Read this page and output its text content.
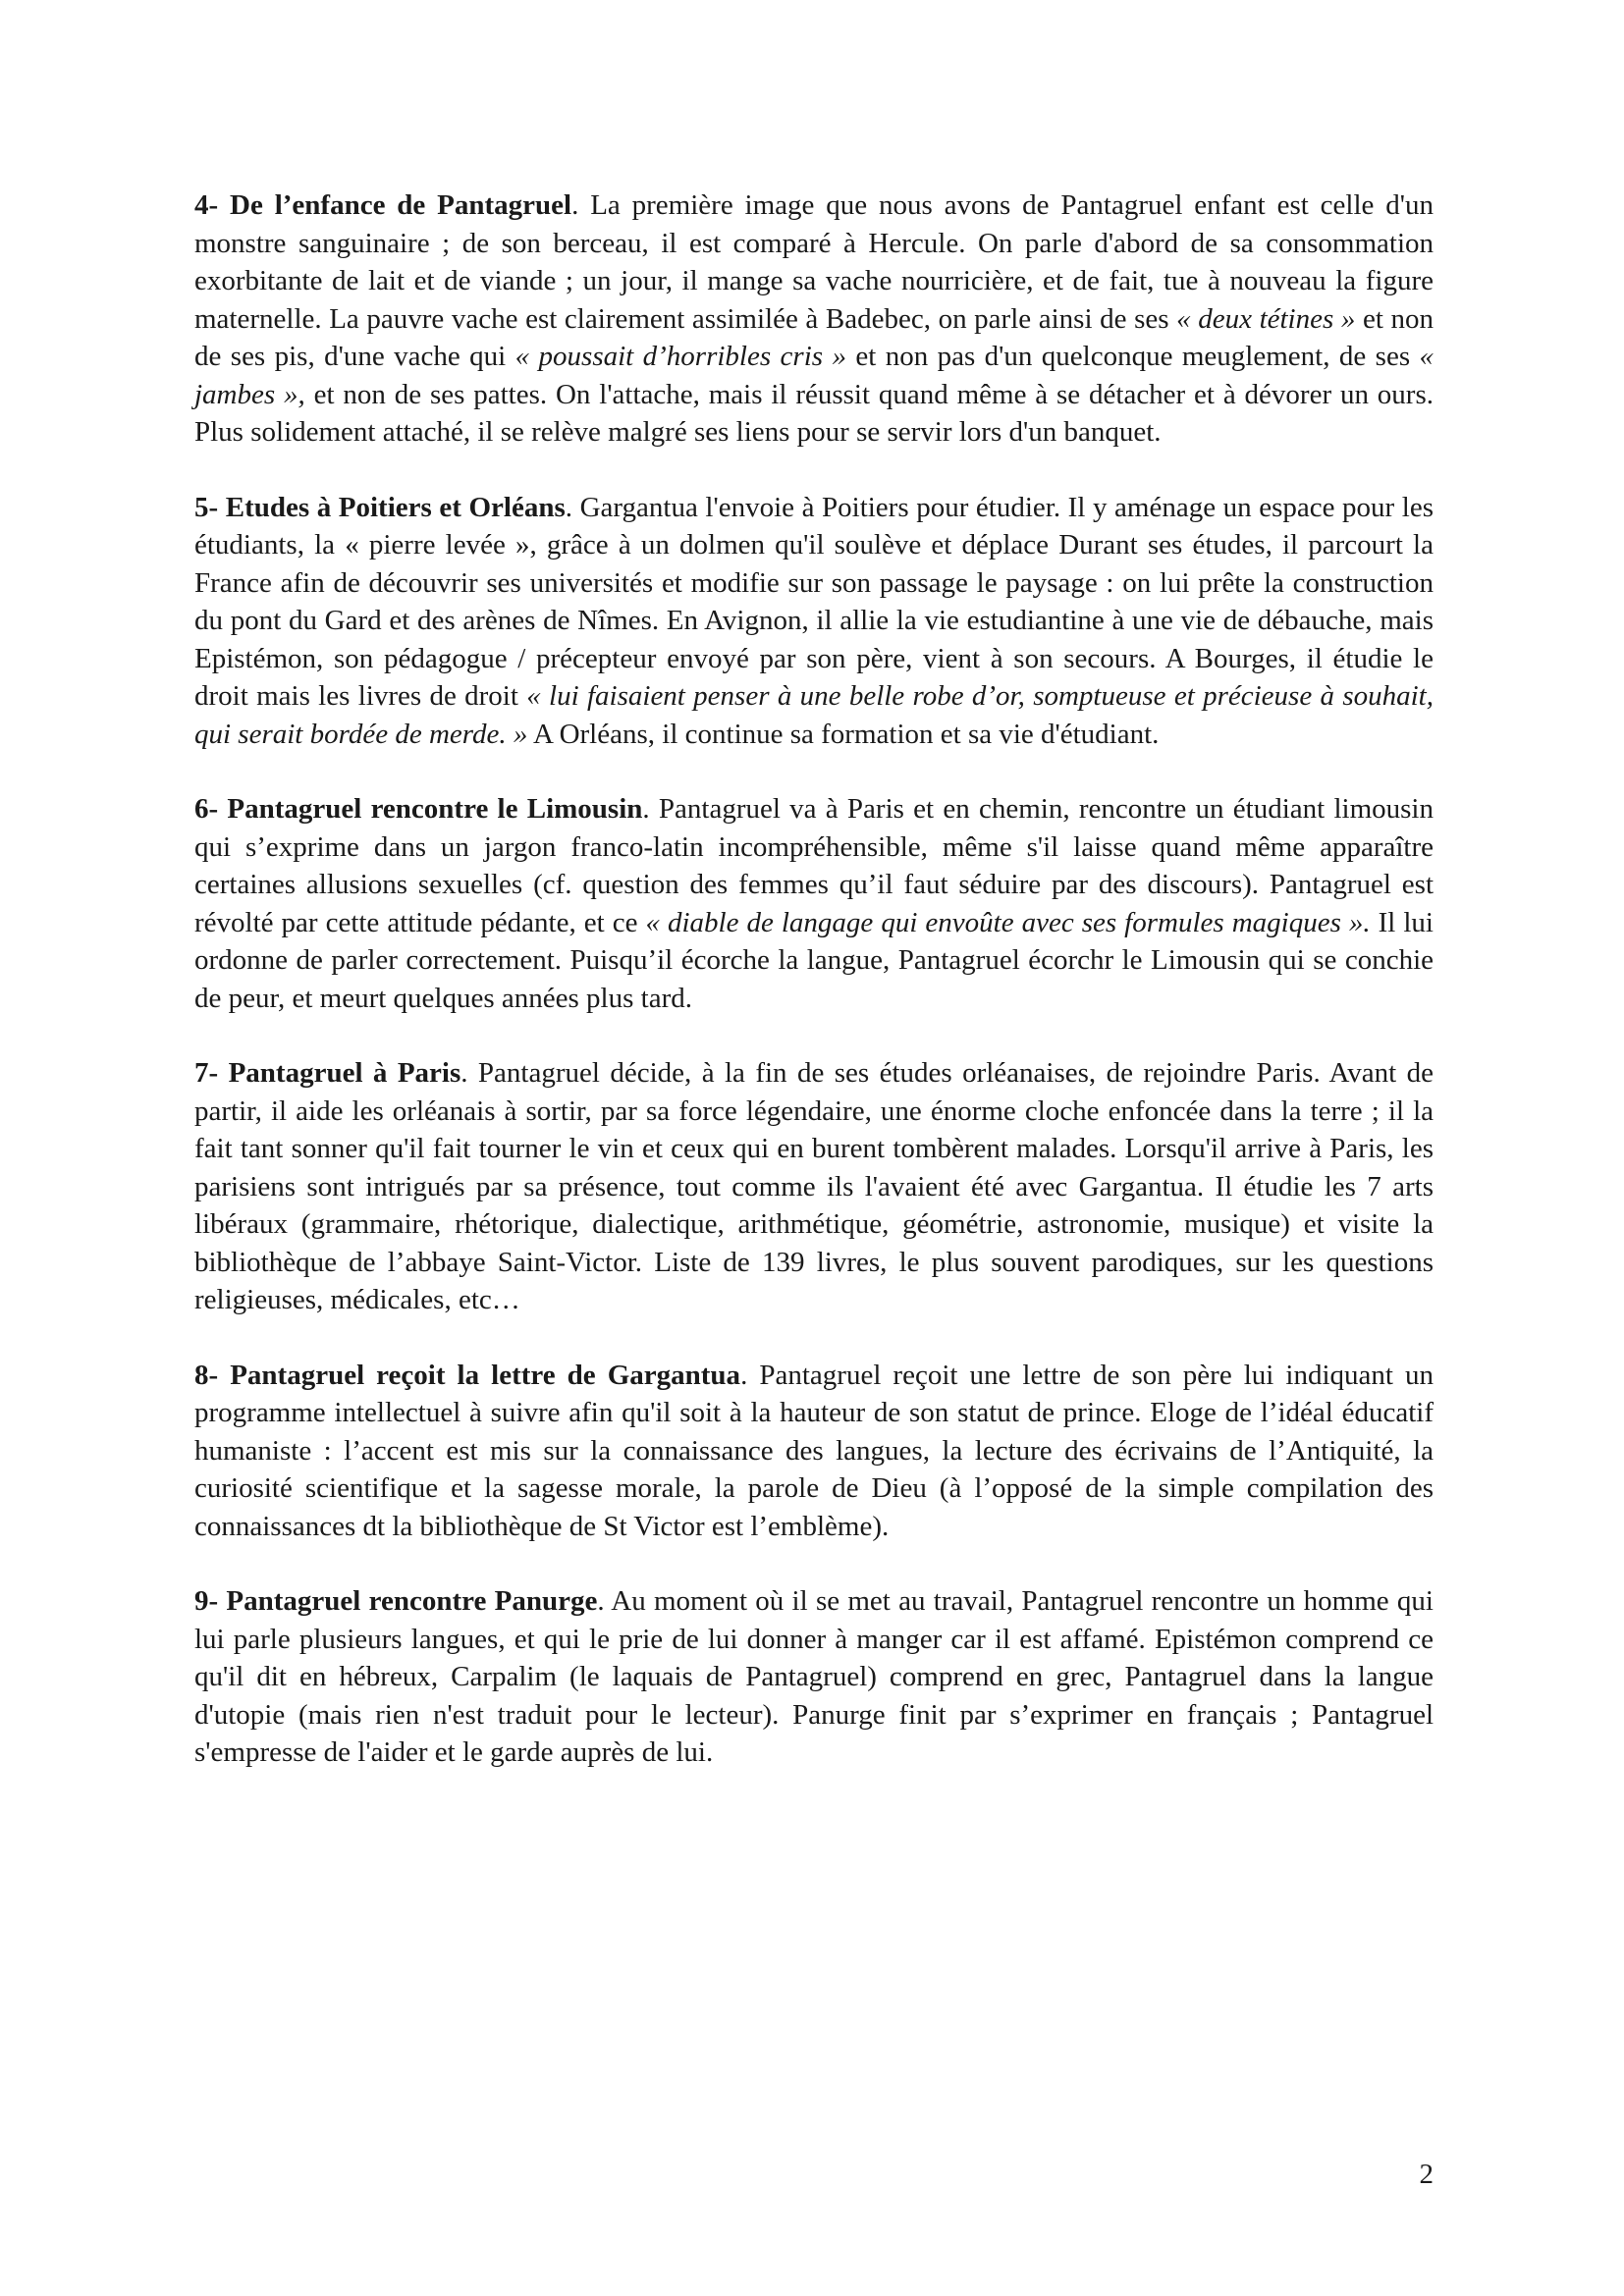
4- De l’enfance de Pantagruel. La première image que nous avons de Pantagruel enfant est celle d'un monstre sanguinaire ; de son berceau, il est comparé à Hercule. On parle d'abord de sa consommation exorbitante de lait et de viande ; un jour, il mange sa vache nourricière, et de fait, tue à nouveau la figure maternelle. La pauvre vache est clairement assimilée à Badebec, on parle ainsi de ses « deux tétines » et non de ses pis, d'une vache qui « poussait d’horribles cris » et non pas d'un quelconque meuglement, de ses « jambes », et non de ses pattes. On l'attache, mais il réussit quand même à se détacher et à dévorer un ours. Plus solidement attaché, il se relève malgré ses liens pour se servir lors d'un banquet.

5- Etudes à Poitiers et Orléans. Gargantua l'envoie à Poitiers pour étudier. Il y aménage un espace pour les étudiants, la « pierre levée », grâce à un dolmen qu'il soulève et déplace Durant ses études, il parcourt la France afin de découvrir ses universités et modifie sur son passage le paysage : on lui prête la construction du pont du Gard et des arènes de Nîmes. En Avignon, il allie la vie estudiantine à une vie de débauche, mais Epistémon, son pédagogue / précepteur envoyé par son père, vient à son secours. A Bourges, il étudie le droit mais les livres de droit « lui faisaient penser à une belle robe d’or, somptueuse et précieuse à souhait, qui serait bordée de merde. » A Orléans, il continue sa formation et sa vie d'étudiant.

6- Pantagruel rencontre le Limousin. Pantagruel va à Paris et en chemin, rencontre un étudiant limousin qui s’exprime dans un jargon franco-latin incompréhensible, même s'il laisse quand même apparaître certaines allusions sexuelles (cf. question des femmes qu’il faut séduire par des discours). Pantagruel est révolté par cette attitude pédante, et ce « diable de langage qui envoûte avec ses formules magiques ». Il lui ordonne de parler correctement. Puisqu’il écorche la langue, Pantagruel écorchr le Limousin qui se conchie de peur, et meurt quelques années plus tard.

7- Pantagruel à Paris. Pantagruel décide, à la fin de ses études orléanaises, de rejoindre Paris. Avant de partir, il aide les orléanais à sortir, par sa force légendaire, une énorme cloche enfoncée dans la terre ; il la fait tant sonner qu'il fait tourner le vin et ceux qui en burent tombèrent malades. Lorsqu'il arrive à Paris, les parisiens sont intrigués par sa présence, tout comme ils l'avaient été avec Gargantua. Il étudie les 7 arts libéraux (grammaire, rhétorique, dialectique, arithmétique, géométrie, astronomie, musique) et visite la bibliothèque de l’abbaye Saint-Victor. Liste de 139 livres, le plus souvent parodiques, sur les questions religieuses, médicales, etc…

8- Pantagruel reçoit la lettre de Gargantua. Pantagruel reçoit une lettre de son père lui indiquant un programme intellectuel à suivre afin qu'il soit à la hauteur de son statut de prince. Eloge de l’idéal éducatif humaniste : l’accent est mis sur la connaissance des langues, la lecture des écrivains de l’Antiquité, la curiosité scientifique et la sagesse morale, la parole de Dieu (à l’opposé de la simple compilation des connaissances dt la bibliothèque de St Victor est l’emblème).

9- Pantagruel rencontre Panurge. Au moment où il se met au travail, Pantagruel rencontre un homme qui lui parle plusieurs langues, et qui le prie de lui donner à manger car il est affamé. Epistémon comprend ce qu'il dit en hébreux, Carpalim (le laquais de Pantagruel) comprend en grec, Pantagruel dans la langue d'utopie (mais rien n'est traduit pour le lecteur). Panurge finit par s’exprimer en français ; Pantagruel s'empresse de l'aider et le garde auprès de lui.

2
